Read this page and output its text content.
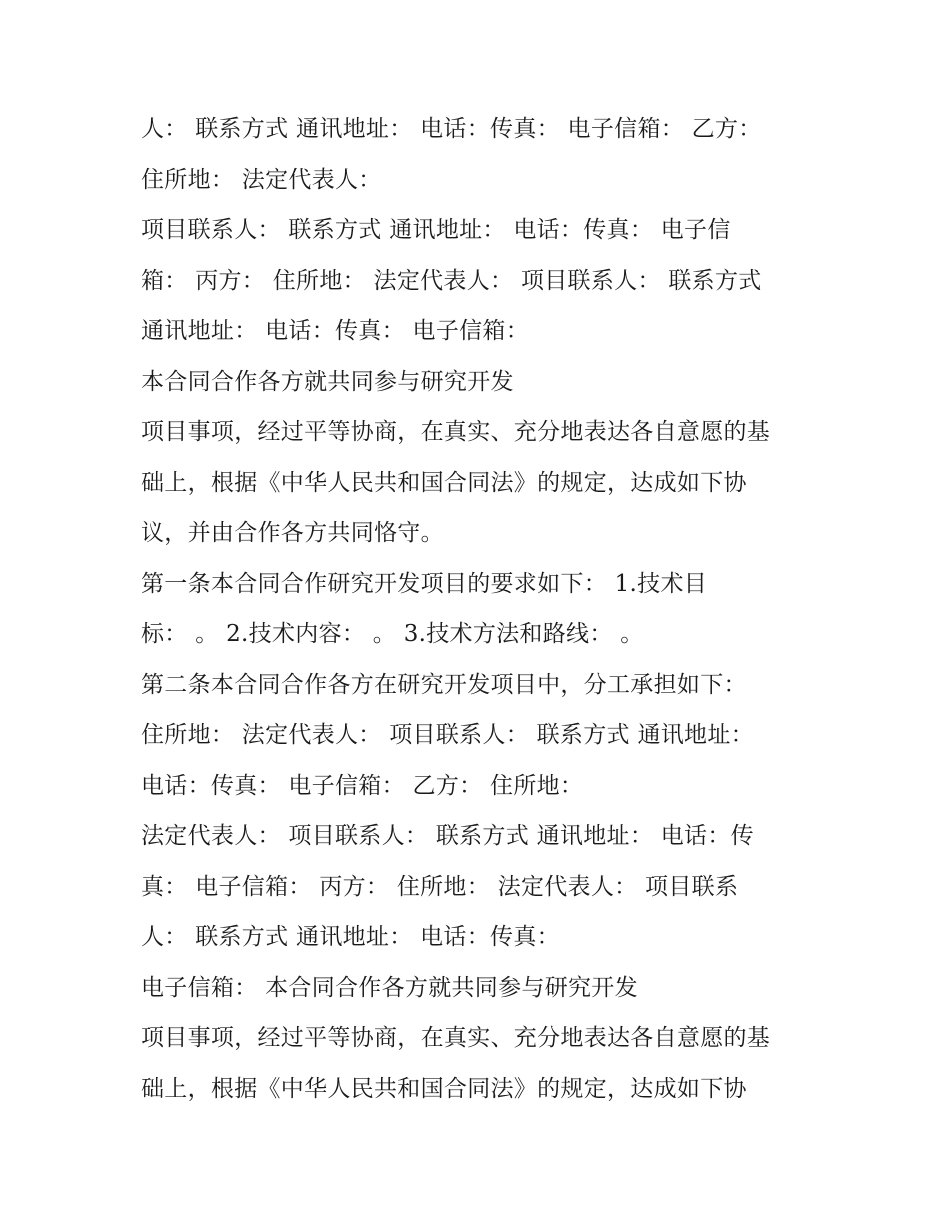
人： 联系方式 通讯地址： 电话：传真： 电子信箱： 乙方：
住所地： 法定代表人：
项目联系人： 联系方式 通讯地址： 电话：传真： 电子信
箱： 丙方： 住所地： 法定代表人： 项目联系人： 联系方式
通讯地址： 电话：传真： 电子信箱：
本合同合作各方就共同参与研究开发
项目事项，经过平等协商，在真实、充分地表达各自意愿的基
础上，根据《中华人民共和国合同法》的规定，达成如下协
议，并由合作各方共同恪守。
第一条本合同合作研究开发项目的要求如下： 1.技术目
标： 。 2.技术内容： 。 3.技术方法和路线： 。
第二条本合同合作各方在研究开发项目中，分工承担如下：
住所地： 法定代表人： 项目联系人： 联系方式 通讯地址：
电话：传真： 电子信箱： 乙方： 住所地：
法定代表人： 项目联系人： 联系方式 通讯地址： 电话：传
真： 电子信箱： 丙方： 住所地： 法定代表人： 项目联系
人： 联系方式 通讯地址： 电话：传真：
电子信箱： 本合同合作各方就共同参与研究开发
项目事项，经过平等协商，在真实、充分地表达各自意愿的基
础上，根据《中华人民共和国合同法》的规定，达成如下协
